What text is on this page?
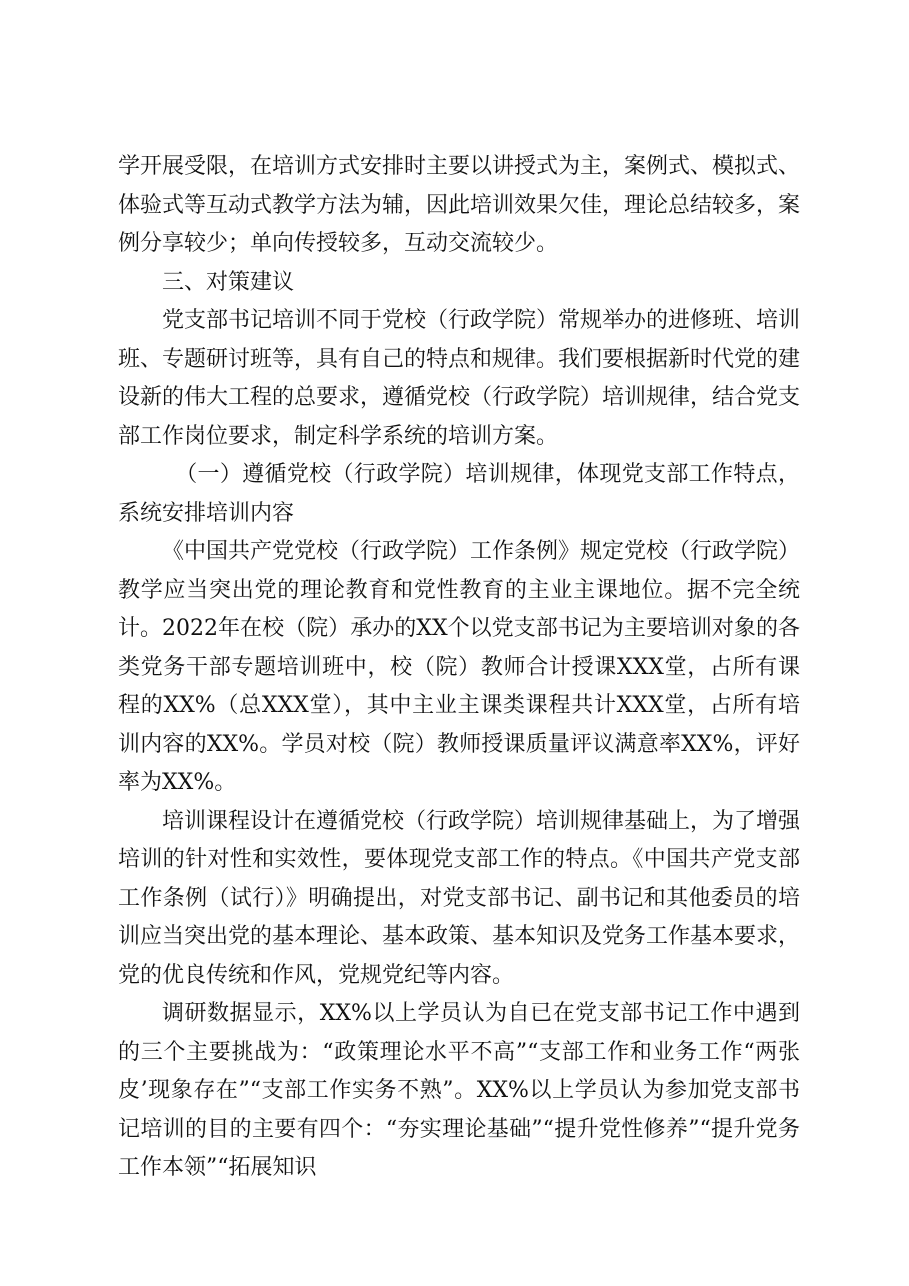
学开展受限，在培训方式安排时主要以讲授式为主，案例式、模拟式、体验式等互动式教学方法为辅，因此培训效果欠佳，理论总结较多，案例分享较少；单向传授较多，互动交流较少。

三、对策建议

党支部书记培训不同于党校（行政学院）常规举办的进修班、培训班、专题研讨班等，具有自己的特点和规律。我们要根据新时代党的建设新的伟大工程的总要求，遵循党校（行政学院）培训规律，结合党支部工作岗位要求，制定科学系统的培训方案。

（一）遵循党校（行政学院）培训规律，体现党支部工作特点，系统安排培训内容

《中国共产党党校（行政学院）工作条例》规定党校（行政学院）教学应当突出党的理论教育和党性教育的主业主课地位。据不完全统计。2022年在校（院）承办的XX个以党支部书记为主要培训对象的各类党务干部专题培训班中，校（院）教师合计授课XXX堂，占所有课程的XX%（总XXX堂），其中主业主课类课程共计XXX堂，占所有培训内容的XX%。学员对校（院）教师授课质量评议满意率XX%，评好率为XX%。

培训课程设计在遵循党校（行政学院）培训规律基础上，为了增强培训的针对性和实效性，要体现党支部工作的特点。《中国共产党支部工作条例（试行）》明确提出，对党支部书记、副书记和其他委员的培训应当突出党的基本理论、基本政策、基本知识及党务工作基本要求，党的优良传统和作风，党规党纪等内容。

调研数据显示，XX%以上学员认为自已在党支部书记工作中遇到的三个主要挑战为：“政策理论水平不高”“支部工作和业务工作“两张皮’现象存在”“支部工作实务不熟”。XX%以上学员认为参加党支部书记培训的目的主要有四个：“夯实理论基础”“提升党性修养”“提升党务工作本领”“拓展知识
